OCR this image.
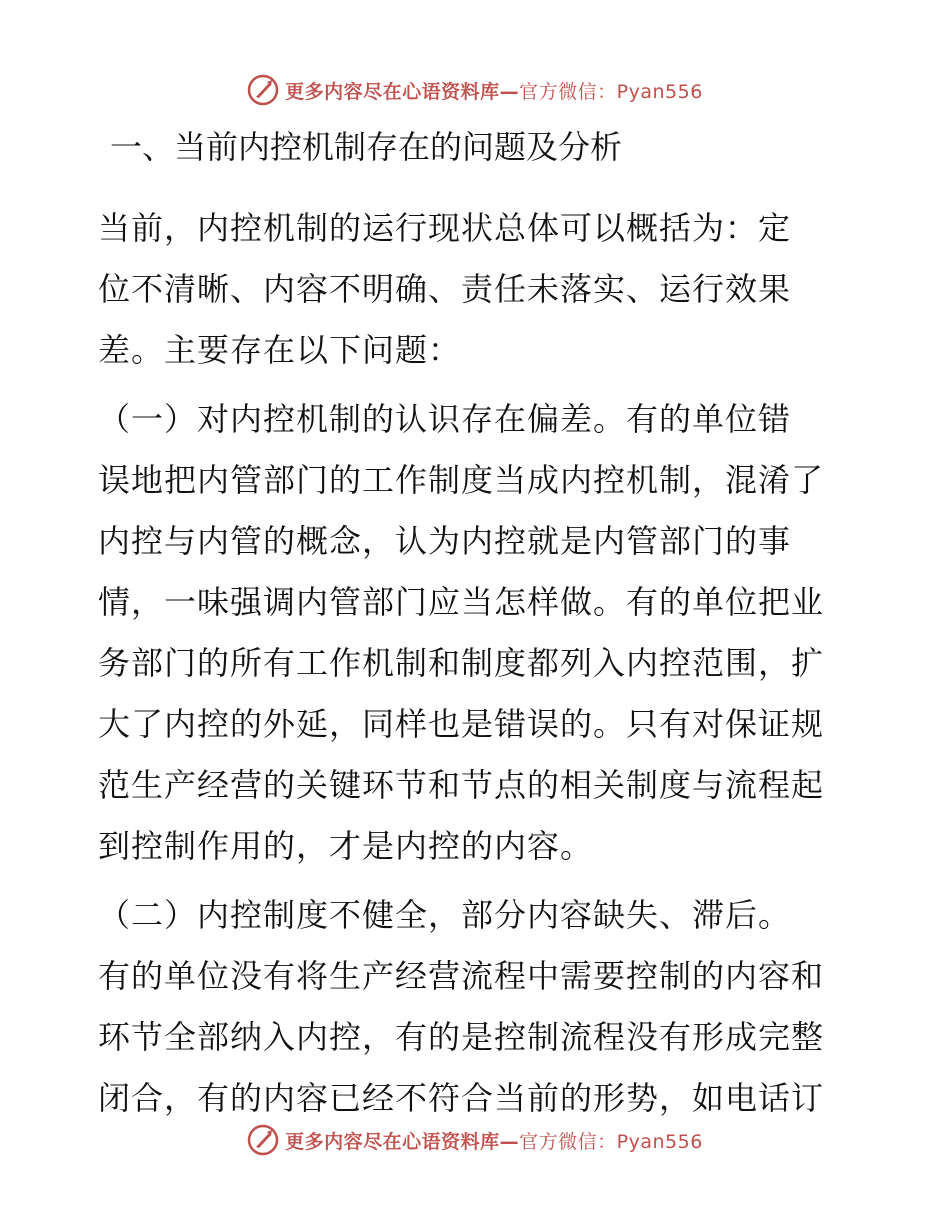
更多内容尽在心语资料库—官方微信：Pyan556
一、当前内控机制存在的问题及分析
当前，内控机制的运行现状总体可以概括为：定
位不清晰、内容不明确、责任未落实、运行效果
差。主要存在以下问题：
（一）对内控机制的认识存在偏差。有的单位错
误地把内管部门的工作制度当成内控机制，混淆了
内控与内管的概念，认为内控就是内管部门的事
情，一味强调内管部门应当怎样做。有的单位把业
务部门的所有工作机制和制度都列入内控范围，扩
大了内控的外延，同样也是错误的。只有对保证规
范生产经营的关键环节和节点的相关制度与流程起
到控制作用的，才是内控的内容。
（二）内控制度不健全，部分内容缺失、滞后。
有的单位没有将生产经营流程中需要控制的内容和
环节全部纳入内控，有的是控制流程没有形成完整
闭合，有的内容已经不符合当前的形势，如电话订
更多内容尽在心语资料库—官方微信：Pyan556
